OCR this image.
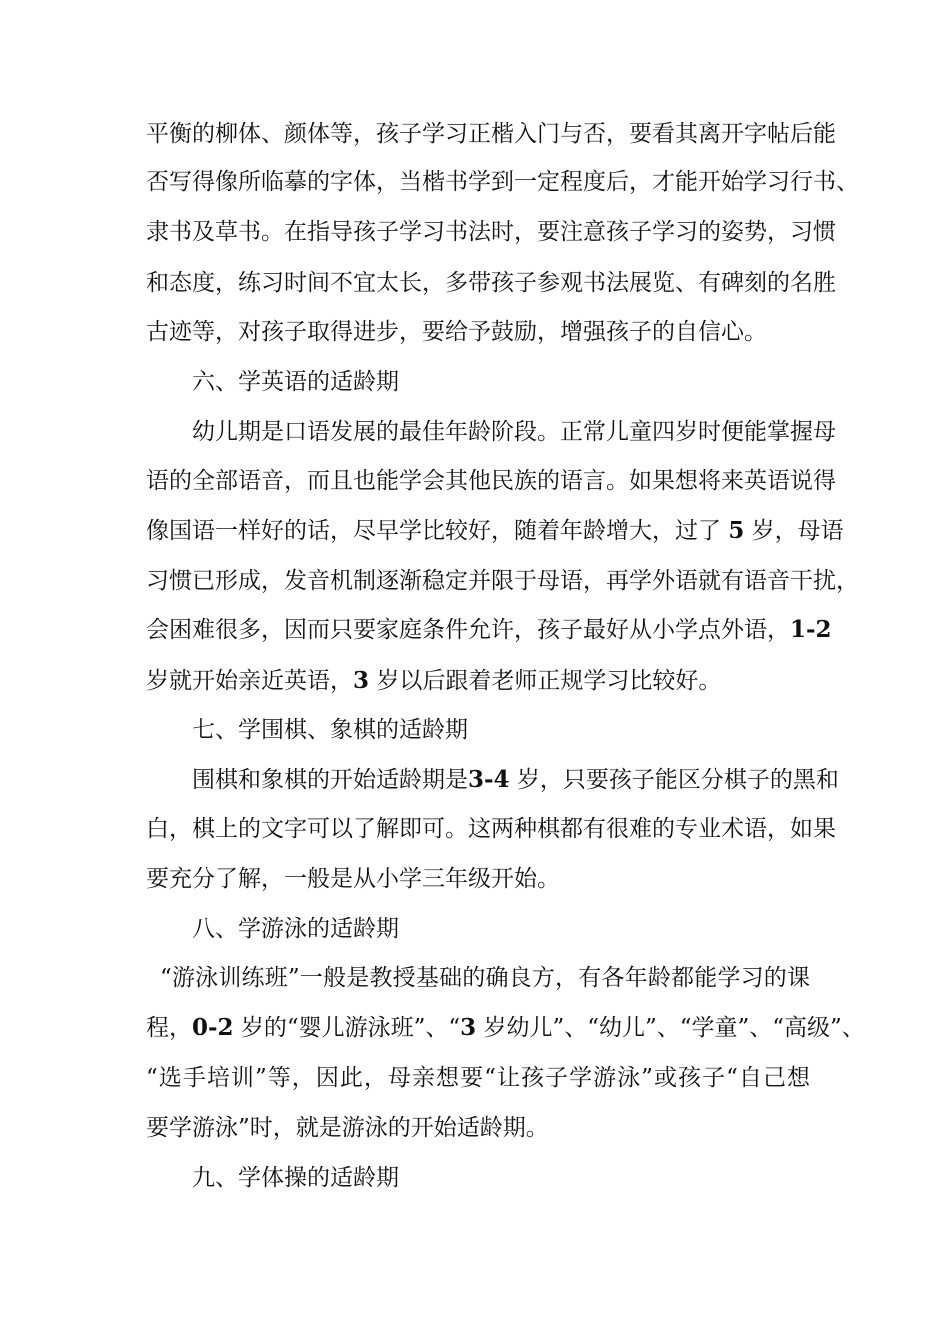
平衡的柳体、颜体等，孩子学习正楷入门与否，要看其离开字帖后能
否写得像所临摹的字体，当楷书学到一定程度后，才能开始学习行书、
隶书及草书。在指导孩子学习书法时，要注意孩子学习的姿势，习惯
和态度，练习时间不宜太长，多带孩子参观书法展览、有碑刻的名胜
古迹等，对孩子取得进步，要给予鼓励，增强孩子的自信心。
六、学英语的适龄期
幼儿期是口语发展的最佳年龄阶段。正常儿童四岁时便能掌握母
语的全部语音，而且也能学会其他民族的语言。如果想将来英语说得
像国语一样好的话，尽早学比较好，随着年龄增大，过了 5 岁，母语
习惯已形成，发音机制逐渐稳定并限于母语，再学外语就有语音干扰，
会困难很多，因而只要家庭条件允许，孩子最好从小学点外语，1-2
岁就开始亲近英语，3 岁以后跟着老师正规学习比较好。
七、学围棋、象棋的适龄期
围棋和象棋的开始适龄期是3-4 岁，只要孩子能区分棋子的黑和
白，棋上的文字可以了解即可。这两种棋都有很难的专业术语，如果
要充分了解，一般是从小学三年级开始。
八、学游泳的适龄期
“游泳训练班”一般是教授基础的确良方，有各年龄都能学习的课
程，0-2 岁的“婴儿游泳班”、“3 岁幼儿”、“幼儿”、“学童”、“高级”、
“选手培训”等，因此，母亲想要“让孩子学游泳”或孩子“自己想
要学游泳”时，就是游泳的开始适龄期。
九、学体操的适龄期
